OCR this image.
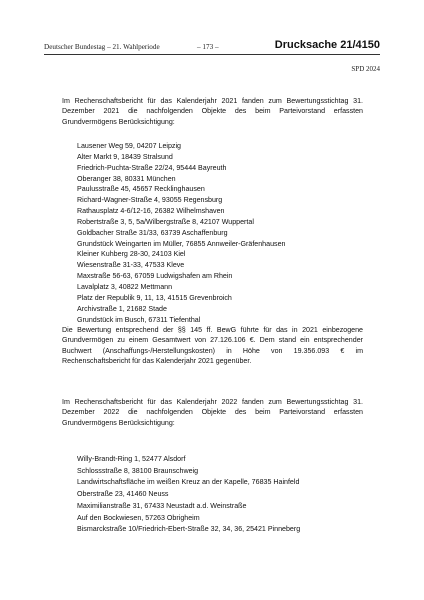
Deutscher Bundestag – 21. Wahlperiode	– 173 –	Drucksache 21/4150
SPD 2024

Im Rechenschaftsbericht für das Kalenderjahr 2021 fanden zum Bewertungsstichtag 31. Dezember 2021 die nachfolgenden Objekte des beim Parteivorstand erfassten Grundvermögens Berücksichtigung:

Lausener Weg 59, 04207 Leipzig
Alter Markt 9, 18439 Stralsund
Friedrich-Puchta-Straße 22/24, 95444 Bayreuth
Oberanger 38, 80331 München
Paulusstraße 45, 45657 Recklinghausen
Richard-Wagner-Straße 4, 93055 Regensburg
Rathausplatz 4-6/12-16, 26382 Wilhelmshaven
Robertstraße 3, 5, 5a/Wilbergstraße 8, 42107 Wuppertal
Goldbacher Straße 31/33, 63739 Aschaffenburg
Grundstück Weingarten im Müller, 76855 Annweiler-Gräfenhausen
Kleiner Kuhberg 28-30, 24103 Kiel
Wiesenstraße 31-33, 47533 Kleve
Maxstraße 56-63, 67059 Ludwigshafen am Rhein
Lavalplatz 3, 40822 Mettmann
Platz der Republik 9, 11, 13, 41515 Grevenbroich
Archivstraße 1, 21682 Stade
Grundstück im Busch, 67311 Tiefenthal

Die Bewertung entsprechend der §§ 145 ff. BewG führte für das in 2021 einbezogene Grundvermögen zu einem Gesamtwert von 27.126.106 €. Dem stand ein entsprechender Buchwert (Anschaffungs-/Herstellungskosten) in Höhe von 19.356.093 € im Rechenschaftsbericht für das Kalenderjahr 2021 gegenüber.

Im Rechenschaftsbericht für das Kalenderjahr 2022 fanden zum Bewertungsstichtag 31. Dezember 2022 die nachfolgenden Objekte des beim Parteivorstand erfassten Grundvermögens Berücksichtigung:

Willy-Brandt-Ring 1, 52477 Alsdorf
Schlossstraße 8, 38100 Braunschweig
Landwirtschaftsfläche im weißen Kreuz an der Kapelle, 76835 Hainfeld
Oberstraße 23, 41460 Neuss
Maximilianstraße 31, 67433 Neustadt a.d. Weinstraße
Auf den Bockwiesen, 57263 Obrigheim
Bismarckstraße 10/Friedrich-Ebert-Straße 32, 34, 36, 25421 Pinneberg
